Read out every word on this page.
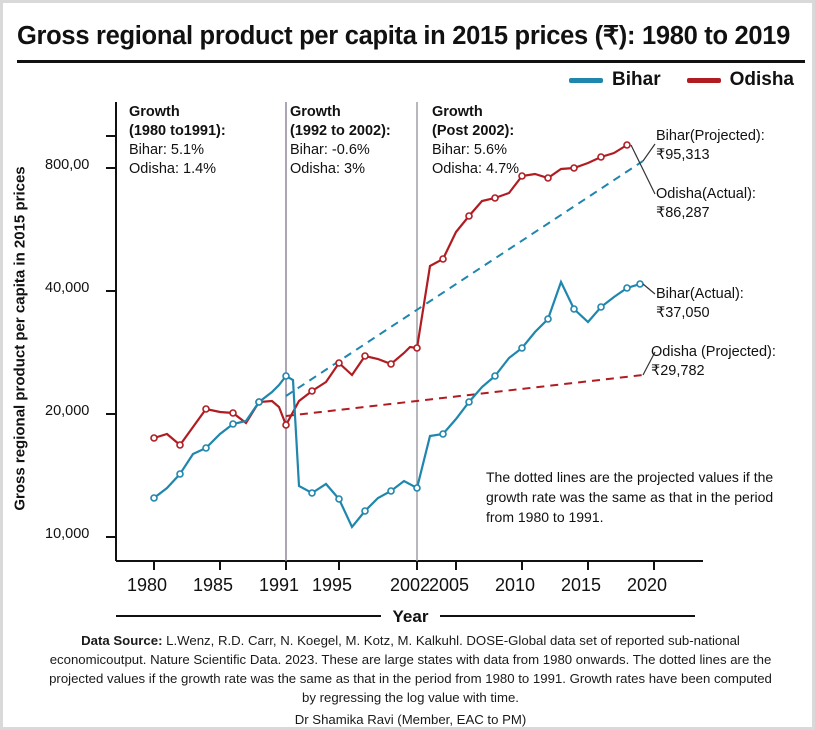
Gross regional product per capita in 2015 prices (₹): 1980 to 2019
Bihar	Odisha
Gross regional product per capita in 2015 prices
800,00
40,000
20,000
10,000
1980 1985 1991 1995 2002
2005 2010 2015 2020
Growth
(1980 to1991):
Bihar: 5.1%
Odisha: 1.4%
Growth
(1992 to 2002):
Bihar: -0.6%
Odisha: 3%
Growth
(Post 2002):
Bihar: 5.6%
Odisha: 4.7%
Bihar(Projected):
₹95,313
Odisha(Actual):
₹86,287
Bihar(Actual):
₹37,050
Odisha (Projected):
₹29,782
The dotted lines are the projected values if the growth rate was the same as that in the period from 1980 to 1991.
Year
Data Source: L.Wenz, R.D. Carr, N. Koegel, M. Kotz, M. Kalkuhl. DOSE-Global data set of reported sub-national economicoutput. Nature Scientific Data. 2023. These are large states with data from 1980 onwards. The dotted lines are the projected values if the growth rate was the same as that in the period from 1980 to 1991. Growth rates have been computed by regressing the log value with time.
Dr Shamika Ravi (Member, EAC to PM)
